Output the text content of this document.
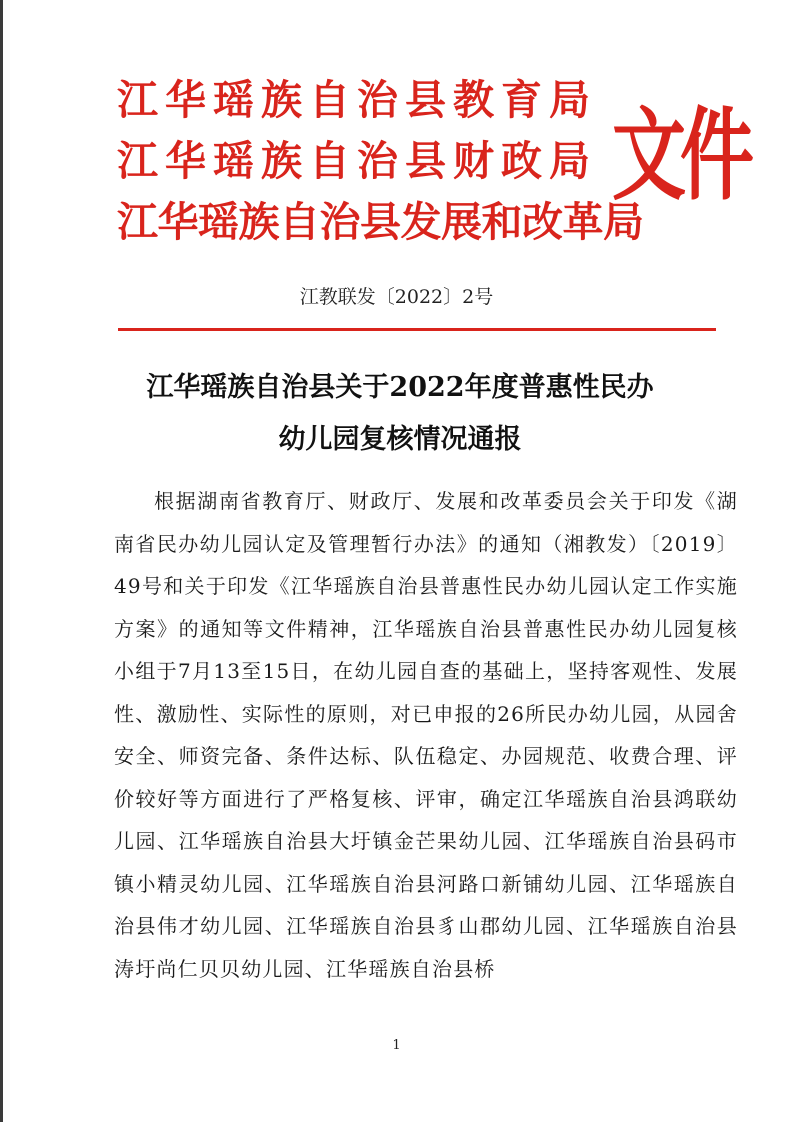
江华瑶族自治县教育局
江华瑶族自治县财政局
江华瑶族自治县发展和改革局
文件
江教联发〔2022〕2号
江华瑶族自治县关于2022年度普惠性民办
幼儿园复核情况通报
根据湖南省教育厅、财政厅、发展和改革委员会关于印发《湖南省民办幼儿园认定及管理暂行办法》的通知（湘教发）〔2019〕49号和关于印发《江华瑶族自治县普惠性民办幼儿园认定工作实施方案》的通知等文件精神，江华瑶族自治县普惠性民办幼儿园复核小组于7月13至15日，在幼儿园自查的基础上，坚持客观性、发展性、激励性、实际性的原则，对已申报的26所民办幼儿园，从园舍安全、师资完备、条件达标、队伍稳定、办园规范、收费合理、评价较好等方面进行了严格复核、评审，确定江华瑶族自治县鸿联幼儿园、江华瑶族自治县大圩镇金芒果幼儿园、江华瑶族自治县码市镇小精灵幼儿园、江华瑶族自治县河路口新铺幼儿园、江华瑶族自治县伟才幼儿园、江华瑶族自治县豸山郡幼儿园、江华瑶族自治县涛圩尚仁贝贝幼儿园、江华瑶族自治县桥
1
